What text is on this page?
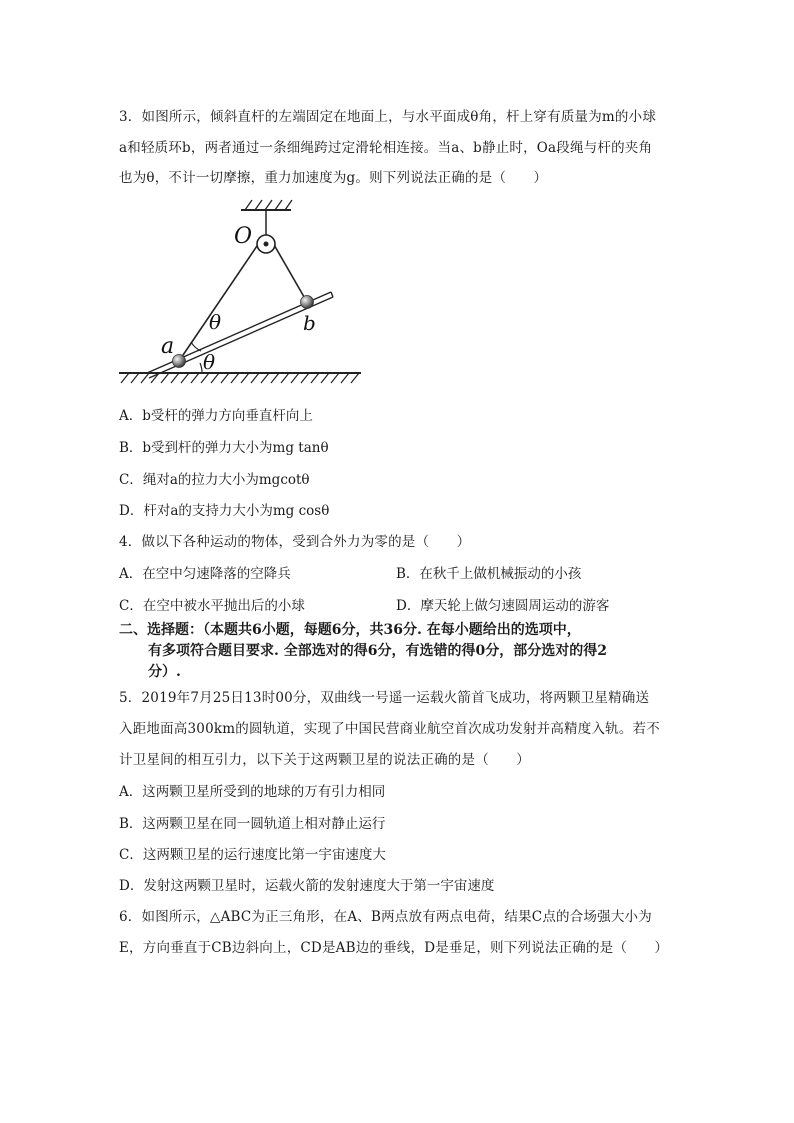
3．如图所示，倾斜直杆的左端固定在地面上，与水平面成θ角，杆上穿有质量为m的小球
a和轻质环b，两者通过一条细绳跨过定滑轮相连接。当a、b静止时，Oa段绳与杆的夹角
也为θ，不计一切摩擦，重力加速度为g。则下列说法正确的是（　　）
O
a
b
θ
θ
A．b受杆的弹力方向垂直杆向上
B．b受到杆的弹力大小为mg tanθ
C．绳对a的拉力大小为mgcotθ
D．杆对a的支持力大小为mg cosθ
4．做以下各种运动的物体，受到合外力为零的是（　　）
A．在空中匀速降落的空降兵	B．在秋千上做机械振动的小孩
C．在空中被水平抛出后的小球	D．摩天轮上做匀速圆周运动的游客
二、选择题：（本题共6小题，每题6分，共36分. 在每小题给出的选项中，
有多项符合题目要求. 全部选对的得6分，有选错的得0分，部分选对的得2
分）.
5．2019年7月25日13时00分，双曲线一号遥一运载火箭首飞成功，将两颗卫星精确送
入距地面高300km的圆轨道，实现了中国民营商业航空首次成功发射并高精度入轨。若不
计卫星间的相互引力，以下关于这两颗卫星的说法正确的是（　　）
A．这两颗卫星所受到的地球的万有引力相同
B．这两颗卫星在同一圆轨道上相对静止运行
C．这两颗卫星的运行速度比第一宇宙速度大
D．发射这两颗卫星时，运载火箭的发射速度大于第一宇宙速度
6．如图所示，△ABC为正三角形，在A、B两点放有两点电荷，结果C点的合场强大小为
E，方向垂直于CB边斜向上，CD是AB边的垂线，D是垂足，则下列说法正确的是（　　）
